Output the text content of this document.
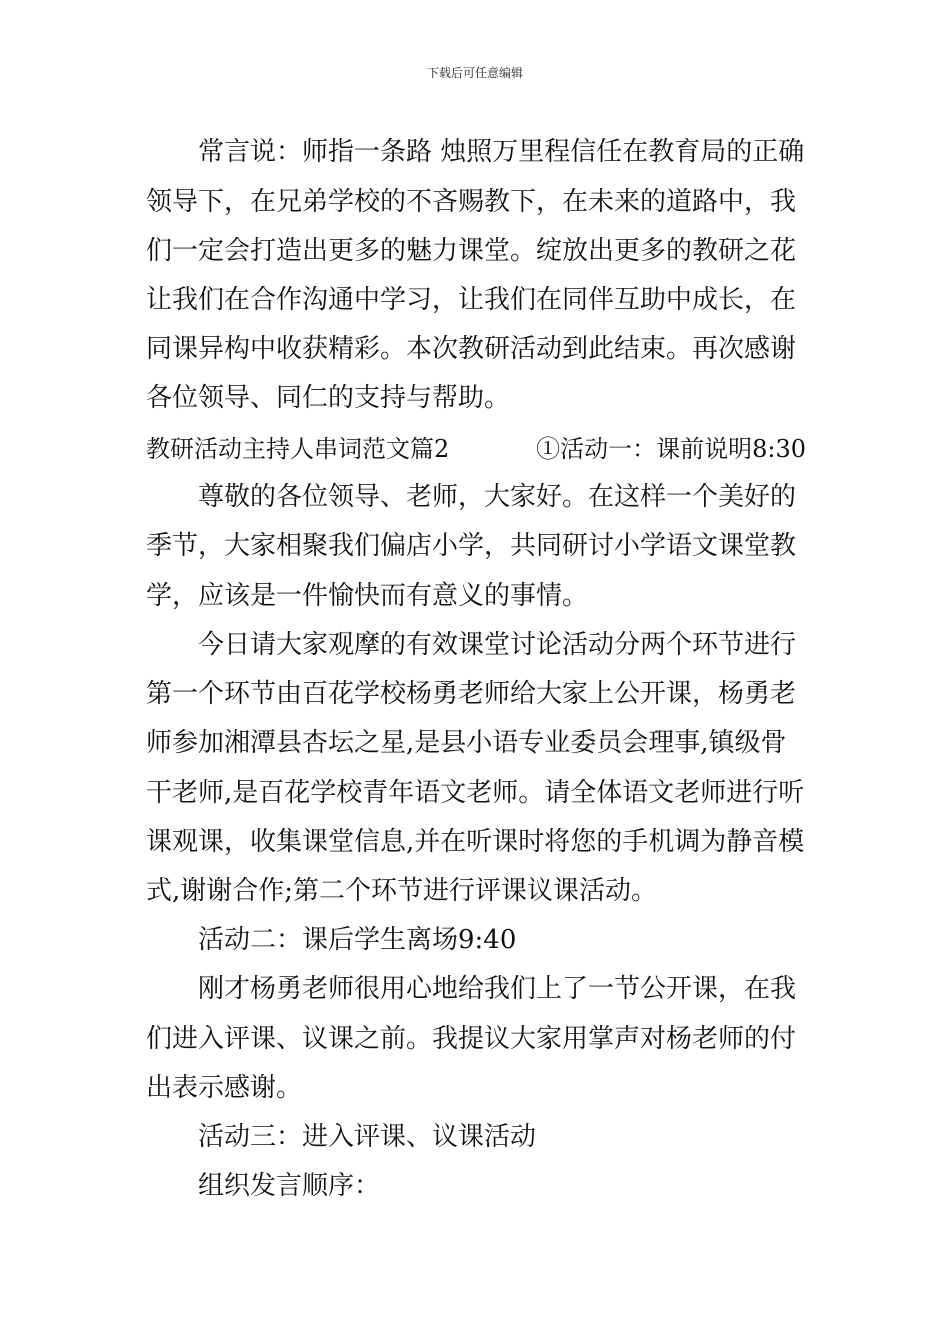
下载后可任意编辑
常言说：师指一条路 烛照万里程信任在教育局的正确
领导下，在兄弟学校的不吝赐教下，在未来的道路中，我
们一定会打造出更多的魅力课堂。绽放出更多的教研之花
让我们在合作沟通中学习，让我们在同伴互助中成长，在
同课异构中收获精彩。本次教研活动到此结束。再次感谢
各位领导、同仁的支持与帮助。
教研活动主持人串词范文篇2	①活动一：课前说明8:30
尊敬的各位领导、老师，大家好。在这样一个美好的
季节，大家相聚我们偏店小学，共同研讨小学语文课堂教
学，应该是一件愉快而有意义的事情。
今日请大家观摩的有效课堂讨论活动分两个环节进行
第一个环节由百花学校杨勇老师给大家上公开课，杨勇老
师参加湘潭县杏坛之星,是县小语专业委员会理事,镇级骨
干老师,是百花学校青年语文老师。请全体语文老师进行听
课观课，收集课堂信息,并在听课时将您的手机调为静音模
式,谢谢合作;第二个环节进行评课议课活动。
活动二：课后学生离场9:40
刚才杨勇老师很用心地给我们上了一节公开课，在我
们进入评课、议课之前。我提议大家用掌声对杨老师的付
出表示感谢。
活动三：进入评课、议课活动
组织发言顺序：
